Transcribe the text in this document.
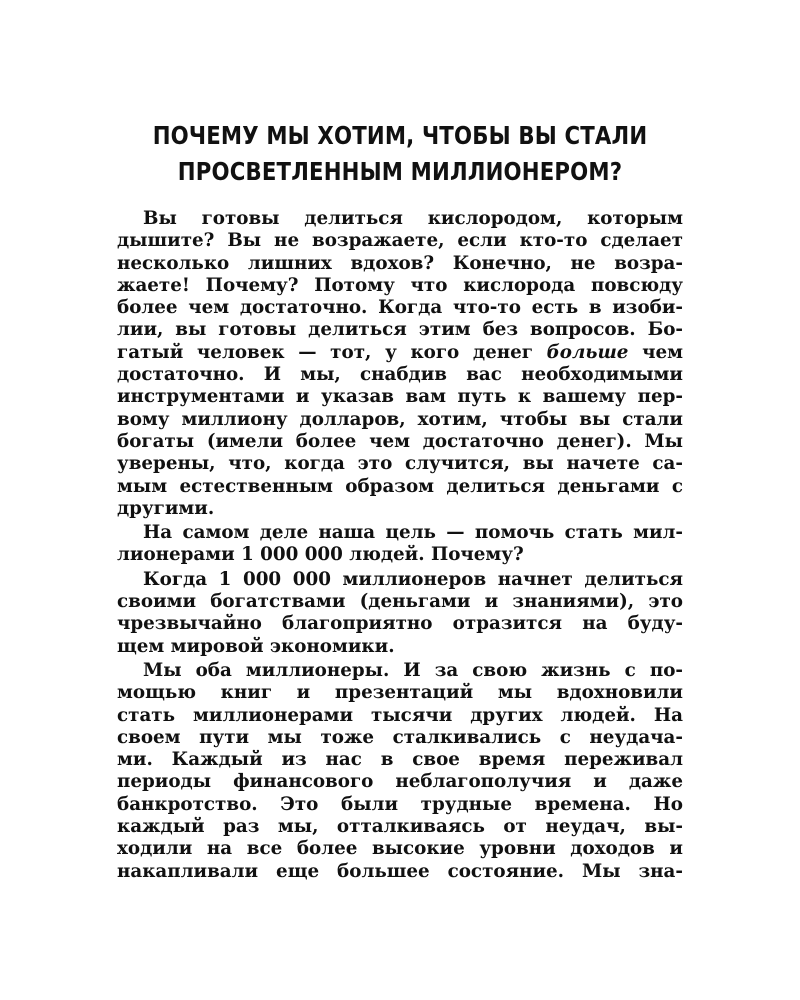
ПОЧЕМУ МЫ ХОТИМ, ЧТОБЫ ВЫ СТАЛИ
ПРОСВЕТЛЕННЫМ МИЛЛИОНЕРОМ?
Вы готовы делиться кислородом, которым
дышите? Вы не возражаете, если кто-то сделает
несколько лишних вдохов? Конечно, не возра-
жаете! Почему? Потому что кислорода повсюду
более чем достаточно. Когда что-то есть в изоби-
лии, вы готовы делиться этим без вопросов. Бо-
гатый человек — тот, у кого денег больше чем
достаточно. И мы, снабдив вас необходимыми
инструментами и указав вам путь к вашему пер-
вому миллиону долларов, хотим, чтобы вы стали
богаты (имели более чем достаточно денег). Мы
уверены, что, когда это случится, вы начете са-
мым естественным образом делиться деньгами с
другими.
На самом деле наша цель — помочь стать мил-
лионерами 1 000 000 людей. Почему?
Когда 1 000 000 миллионеров начнет делиться
своими богатствами (деньгами и знаниями), это
чрезвычайно благоприятно отразится на буду-
щем мировой экономики.
Мы оба миллионеры. И за свою жизнь с по-
мощью книг и презентаций мы вдохновили
стать миллионерами тысячи других людей. На
своем пути мы тоже сталкивались с неудача-
ми. Каждый из нас в свое время переживал
периоды финансового неблагополучия и даже
банкротство. Это были трудные времена. Но
каждый раз мы, отталкиваясь от неудач, вы-
ходили на все более высокие уровни доходов и
накапливали еще большее состояние. Мы зна-
